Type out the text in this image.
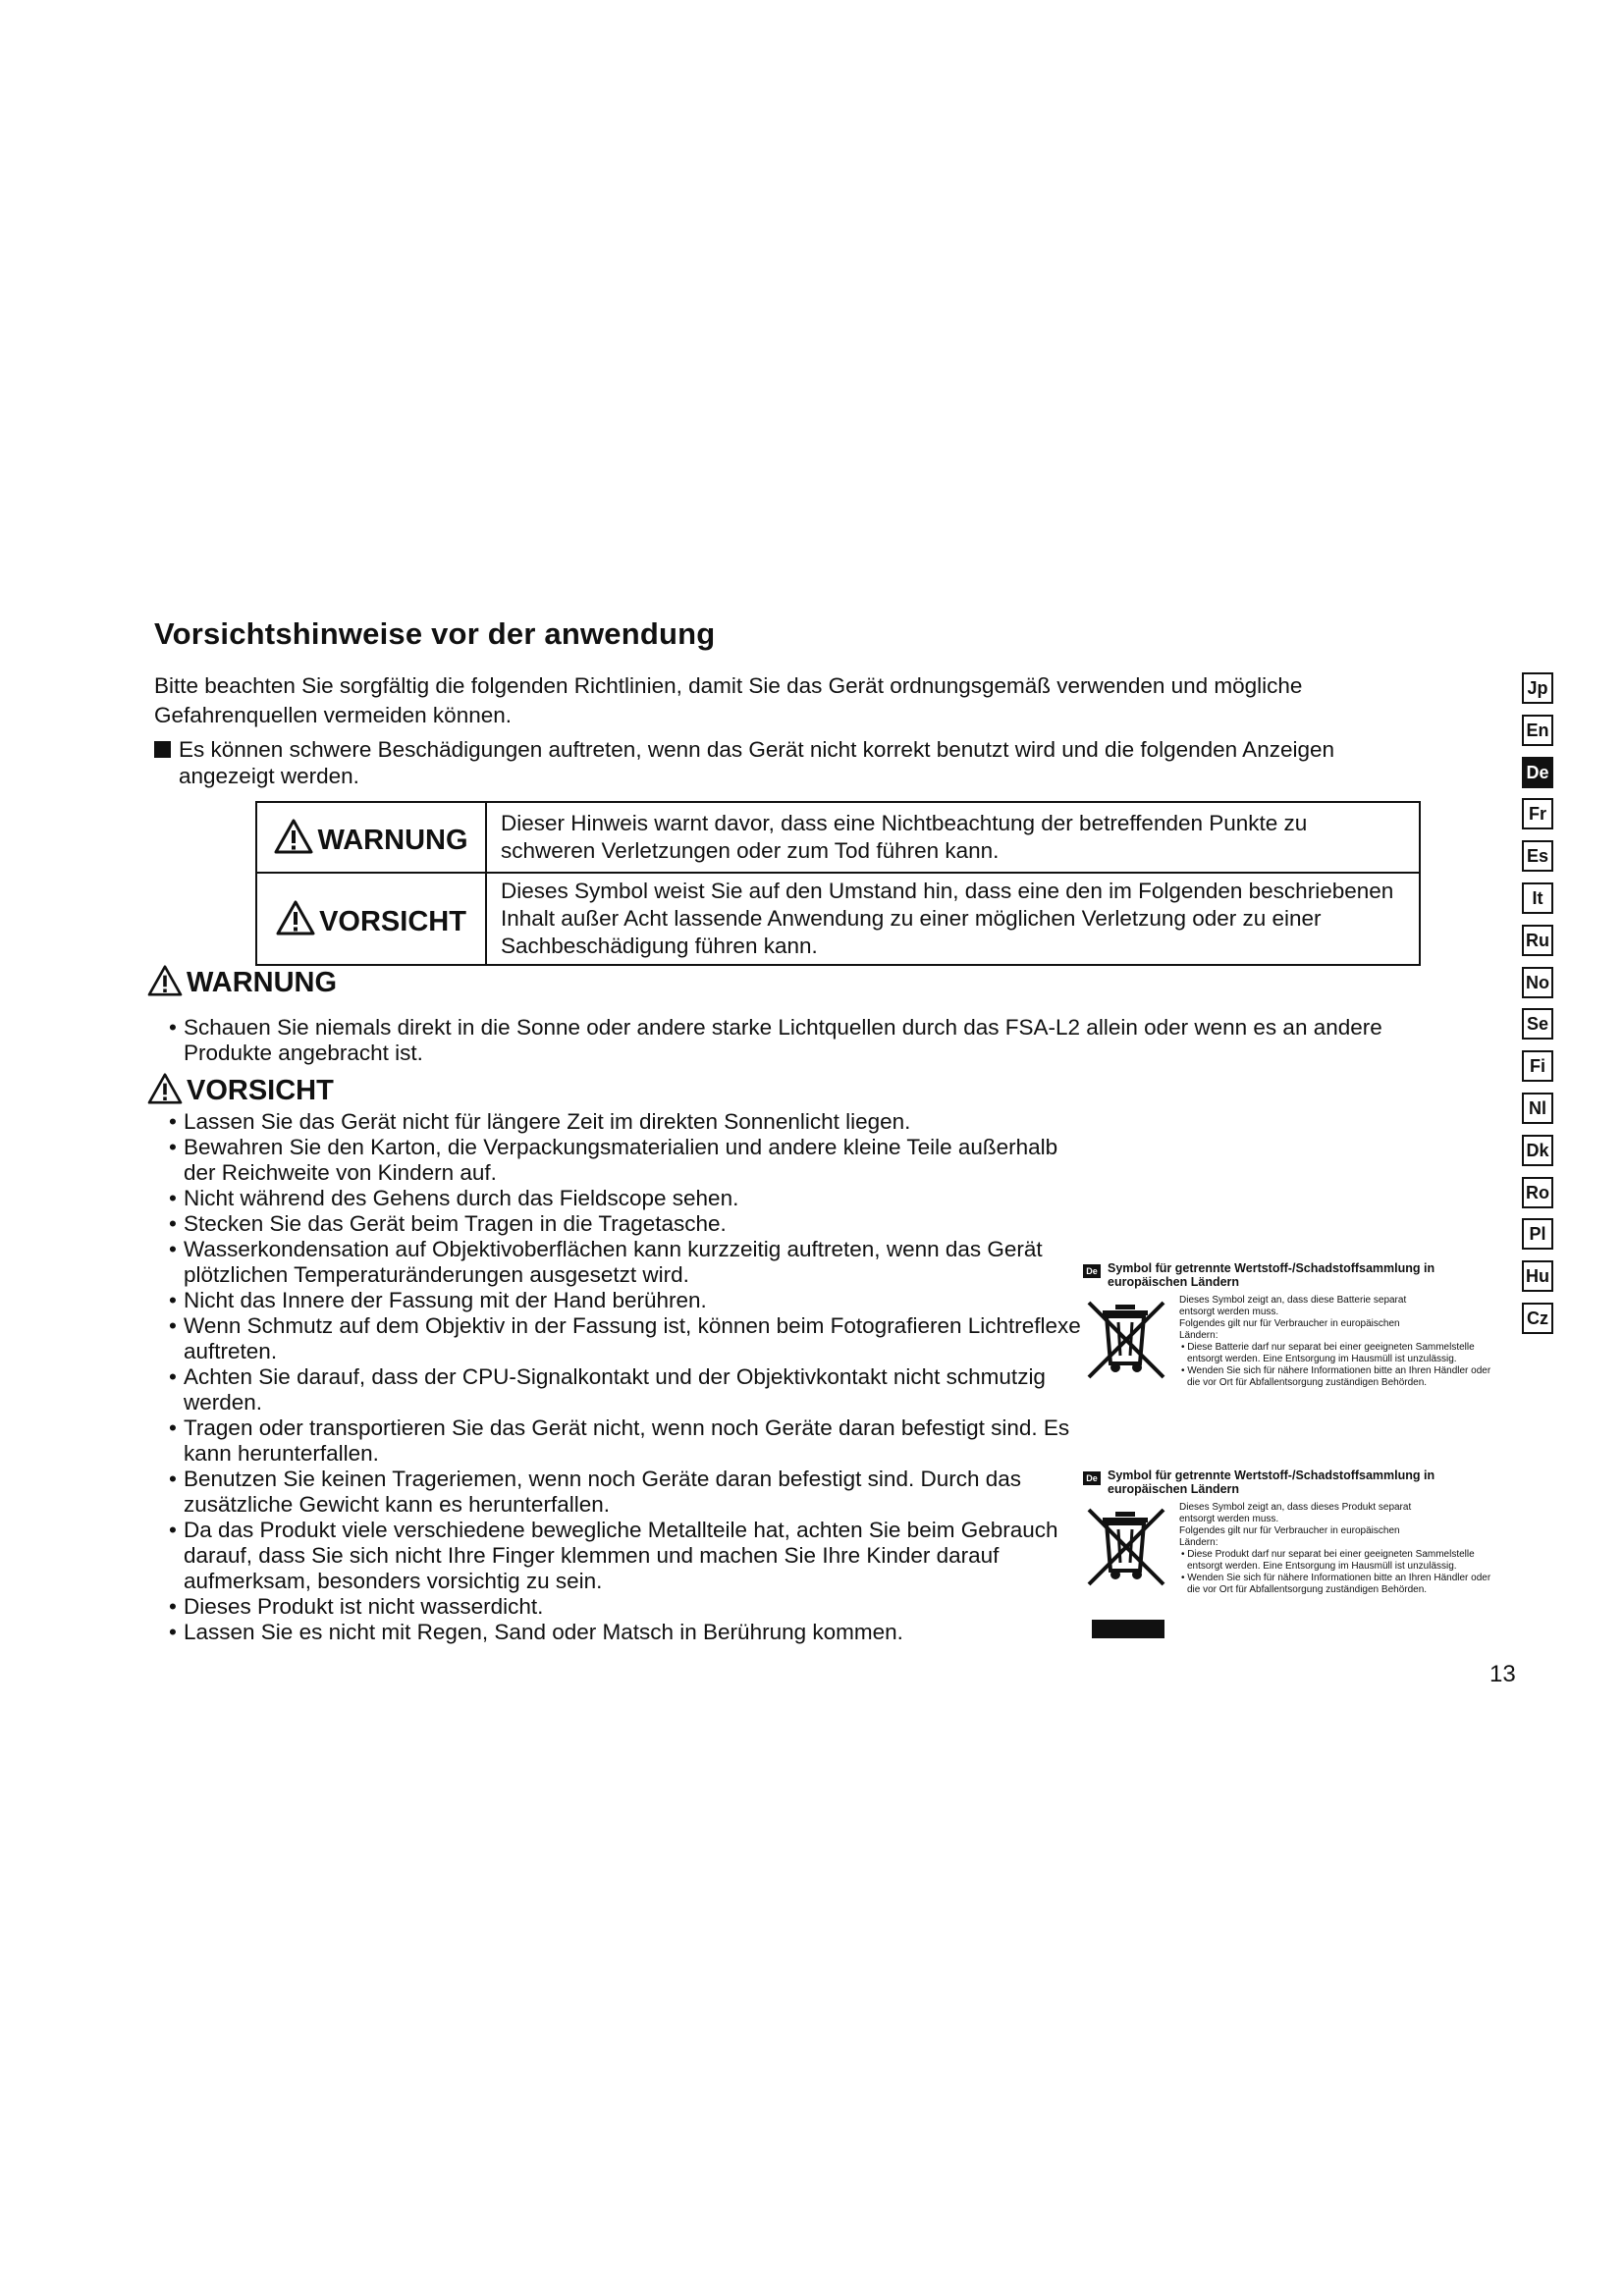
Vorsichtshinweise vor der anwendung

Bitte beachten Sie sorgfältig die folgenden Richtlinien, damit Sie das Gerät ordnungsgemäß verwenden und mögliche Gefahrenquellen vermeiden können.

Es können schwere Beschädigungen auftreten, wenn das Gerät nicht korrekt benutzt wird und die folgenden Anzeigen
angezeigt werden.

WARNUNG	Dieser Hinweis warnt davor, dass eine Nichtbeachtung der betreffenden Punkte zu schweren Verletzungen oder zum Tod führen kann.
VORSICHT	Dieses Symbol weist Sie auf den Umstand hin, dass eine den im Folgenden beschriebenen Inhalt außer Acht lassende Anwendung zu einer möglichen Verletzung oder zu einer Sachbeschädigung führen kann.
WARNUNG
• Schauen Sie niemals direkt in die Sonne oder andere starke Lichtquellen durch das FSA-L2 allein oder wenn es an andere Produkte angebracht ist.
VORSICHT
• Lassen Sie das Gerät nicht für längere Zeit im direkten Sonnenlicht liegen.
• Bewahren Sie den Karton, die Verpackungsmaterialien und andere kleine Teile außerhalb der Reichweite von Kindern auf.
• Nicht während des Gehens durch das Fieldscope sehen.
• Stecken Sie das Gerät beim Tragen in die Tragetasche.
• Wasserkondensation auf Objektivoberflächen kann kurzzeitig auftreten, wenn das Gerät plötzlichen Temperaturänderungen ausgesetzt wird.
• Nicht das Innere der Fassung mit der Hand berühren.
• Wenn Schmutz auf dem Objektiv in der Fassung ist, können beim Fotografieren Lichtreflexe auftreten.
• Achten Sie darauf, dass der CPU-Signalkontakt und der Objektivkontakt nicht schmutzig werden.
• Tragen oder transportieren Sie das Gerät nicht, wenn noch Geräte daran befestigt sind. Es kann herunterfallen.
• Benutzen Sie keinen Trageriemen, wenn noch Geräte daran befestigt sind. Durch das zusätzliche Gewicht kann es herunterfallen.
• Da das Produkt viele verschiedene bewegliche Metallteile hat, achten Sie beim Gebrauch darauf, dass Sie sich nicht Ihre Finger klemmen und machen Sie Ihre Kinder darauf aufmerksam, besonders vorsichtig zu sein.
• Dieses Produkt ist nicht wasserdicht.
• Lassen Sie es nicht mit Regen, Sand oder Matsch in Berührung kommen.
De Symbol für getrennte Wertstoff-/Schadstoffsammlung in europäischen Ländern

Dieses Symbol zeigt an, dass diese Batterie separat

entsorgt werden muss.

Folgendes gilt nur für Verbraucher in europäischen

Ländern:

• Diese Batterie darf nur separat bei einer geeigneten Sammelstelle entsorgt werden. Eine Entsorgung im Hausmüll ist unzulässig.

• Wenden Sie sich für nähere Informationen bitte an Ihren Händler oder die vor Ort für Abfallentsorgung zuständigen Behörden.

De Symbol für getrennte Wertstoff-/Schadstoffsammlung in europäischen Ländern

Dieses Symbol zeigt an, dass dieses Produkt separat

entsorgt werden muss.

Folgendes gilt nur für Verbraucher in europäischen

Ländern:

• Diese Produkt darf nur separat bei einer geeigneten Sammelstelle entsorgt werden. Eine Entsorgung im Hausmüll ist unzulässig.

• Wenden Sie sich für nähere Informationen bitte an Ihren Händler oder die vor Ort für Abfallentsorgung zuständigen Behörden.

Jp
En
De
Fr
Es
It
Ru
No
Se
Fi
Nl
Dk
Ro
Pl
Hu
Cz

13
